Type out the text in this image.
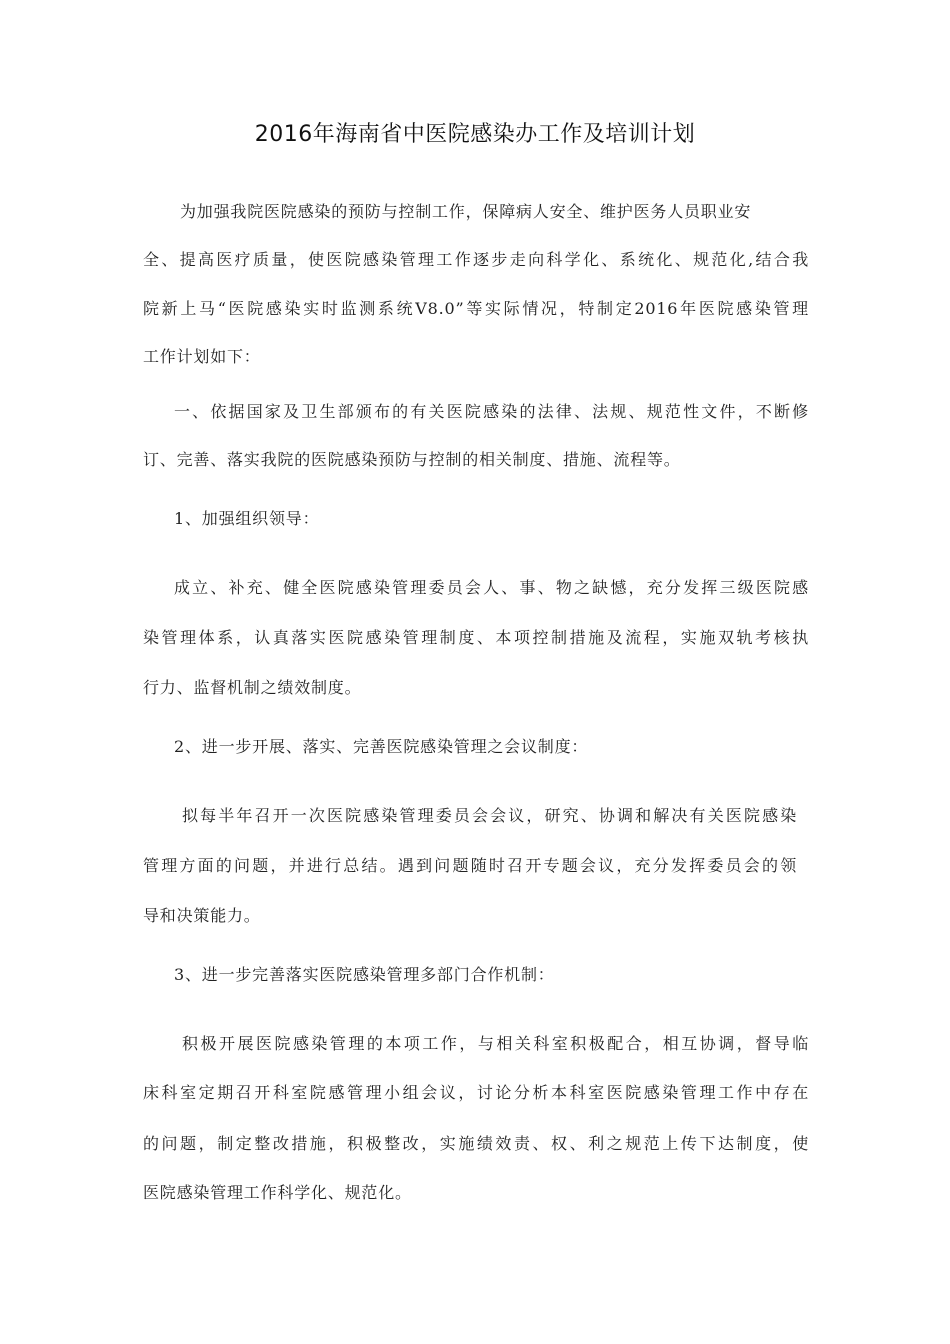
2016年海南省中医院感染办工作及培训计划

为加强我院医院感染的预防与控制工作，保障病人安全、维护医务人员职业安

全、提高医疗质量，使医院感染管理工作逐步走向科学化、系统化、规范化,结合我

院新上马“医院感染实时监测系统V8.0”等实际情况，特制定2016年医院感染管理

工作计划如下：

一、依据国家及卫生部颁布的有关医院感染的法律、法规、规范性文件，不断修

订、完善、落实我院的医院感染预防与控制的相关制度、措施、流程等。

1、加强组织领导：

成立、补充、健全医院感染管理委员会人、事、物之缺憾，充分发挥三级医院感

染管理体系，认真落实医院感染管理制度、本项控制措施及流程，实施双轨考核执

行力、监督机制之绩效制度。

2、进一步开展、落实、完善医院感染管理之会议制度：

拟每半年召开一次医院感染管理委员会会议，研究、协调和解决有关医院感染

管理方面的问题，并进行总结。遇到问题随时召开专题会议，充分发挥委员会的领

导和决策能力。

3、进一步完善落实医院感染管理多部门合作机制：

积极开展医院感染管理的本项工作，与相关科室积极配合，相互协调，督导临

床科室定期召开科室院感管理小组会议，讨论分析本科室医院感染管理工作中存在

的问题，制定整改措施，积极整改，实施绩效责、权、利之规范上传下达制度，使

医院感染管理工作科学化、规范化。
